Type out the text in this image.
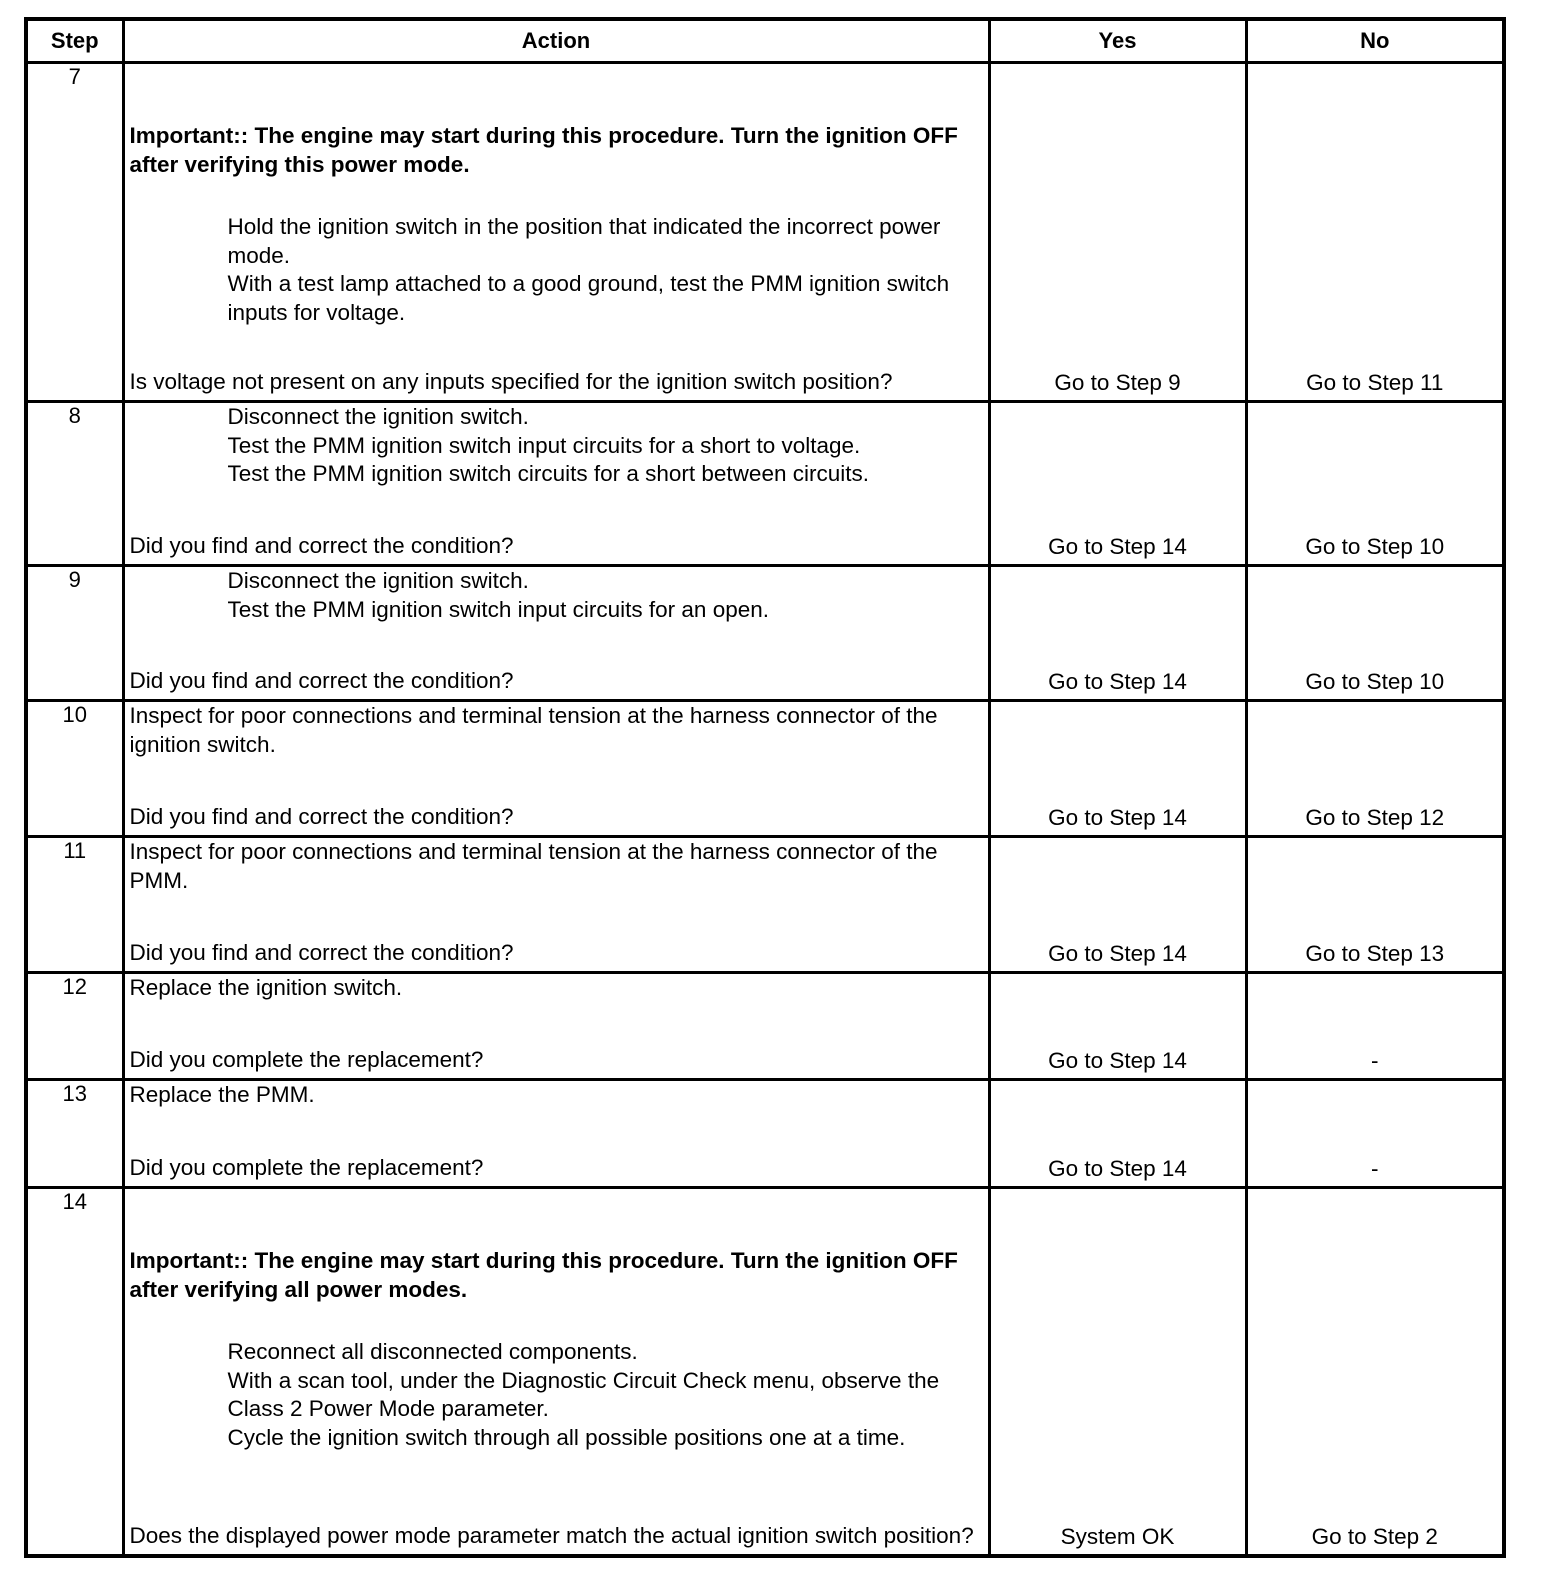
Step	Action	Yes	No
7	Important:: The engine may start during this procedure. Turn the ignition OFF after verifying this power mode.
Hold the ignition switch in the position that indicated the incorrect power mode.
With a test lamp attached to a good ground, test the PMM ignition switch inputs for voltage.
Is voltage not present on any inputs specified for the ignition switch position?	Go to Step 9	Go to Step 11

8	Disconnect the ignition switch.
Test the PMM ignition switch input circuits for a short to voltage.
Test the PMM ignition switch circuits for a short between circuits.
Did you find and correct the condition?	Go to Step 14	Go to Step 10

9	Disconnect the ignition switch.
Test the PMM ignition switch input circuits for an open.
Did you find and correct the condition?	Go to Step 14	Go to Step 10

10	Inspect for poor connections and terminal tension at the harness connector of the ignition switch.
Did you find and correct the condition?	Go to Step 14	Go to Step 12

11	Inspect for poor connections and terminal tension at the harness connector of the PMM.
Did you find and correct the condition?	Go to Step 14	Go to Step 13

12	Replace the ignition switch.
Did you complete the replacement?	Go to Step 14	-

13	Replace the PMM.
Did you complete the replacement?	Go to Step 14	-

14	Important:: The engine may start during this procedure. Turn the ignition OFF after verifying all power modes.
Reconnect all disconnected components.
With a scan tool, under the Diagnostic Circuit Check menu, observe the Class 2 Power Mode parameter.
Cycle the ignition switch through all possible positions one at a time.
Does the displayed power mode parameter match the actual ignition switch position?	System OK	Go to Step 2
